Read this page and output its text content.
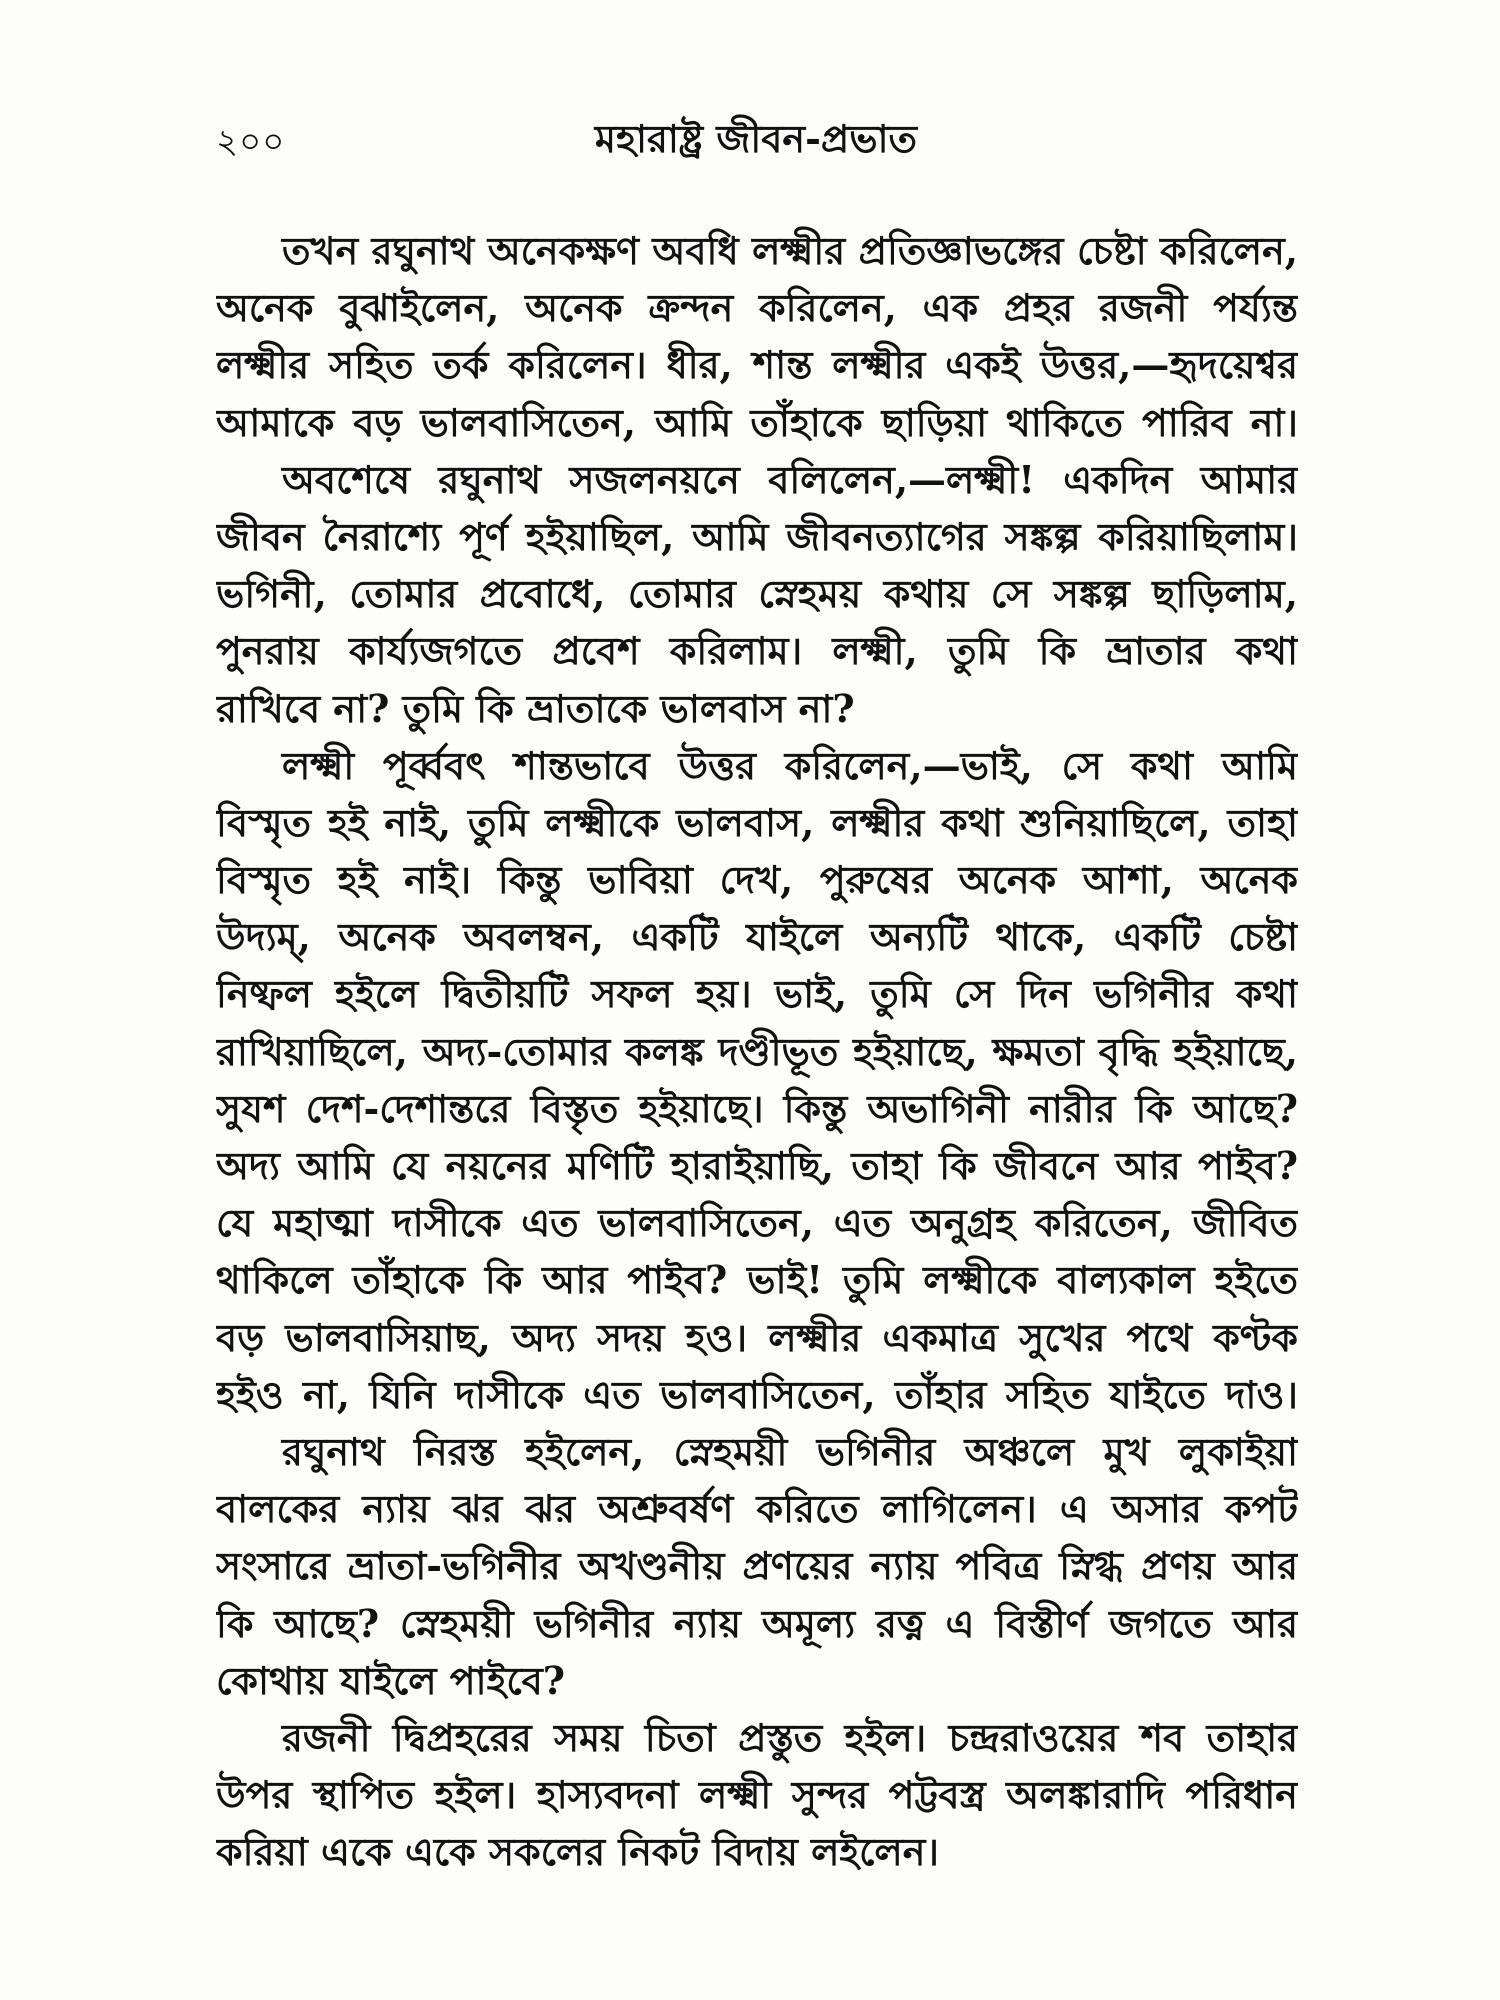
২০০	মহারাষ্ট্র জীবন-প্রভাত
তখন রঘুনাথ অনেকক্ষণ অবধি লক্ষ্মীর প্রতিজ্ঞাভঙ্গের চেষ্টা করিলেন,
অনেক বুঝাইলেন, অনেক ক্রন্দন করিলেন, এক প্রহর রজনী পর্য্যন্ত
লক্ষ্মীর সহিত তর্ক করিলেন। ধীর, শান্ত লক্ষ্মীর একই উত্তর,—হৃদয়েশ্বর
আমাকে বড় ভালবাসিতেন, আমি তাঁহাকে ছাড়িয়া থাকিতে পারিব না।
অবশেষে রঘুনাথ সজলনয়নে বলিলেন,—লক্ষ্মী! একদিন আমার
জীবন নৈরাশ্যে পূর্ণ হইয়াছিল, আমি জীবনত্যাগের সঙ্কল্প করিয়াছিলাম।
ভগিনী, তোমার প্রবোধে, তোমার স্নেহময় কথায় সে সঙ্কল্প ছাড়িলাম,
পুনরায় কার্য্যজগতে প্রবেশ করিলাম। লক্ষ্মী, তুমি কি ভ্রাতার কথা
রাখিবে না? তুমি কি ভ্রাতাকে ভালবাস না?
লক্ষ্মী পূর্ব্ববৎ শান্তভাবে উত্তর করিলেন,—ভাই, সে কথা আমি
বিস্মৃত হই নাই, তুমি লক্ষ্মীকে ভালবাস, লক্ষ্মীর কথা শুনিয়াছিলে, তাহা
বিস্মৃত হই নাই। কিন্তু ভাবিয়া দেখ, পুরুষের অনেক আশা, অনেক
উদ্যম্‌, অনেক অবলম্বন, একটি যাইলে অন্যটি থাকে, একটি চেষ্টা
নিষ্ফল হইলে দ্বিতীয়টি সফল হয়। ভাই, তুমি সে দিন ভগিনীর কথা
রাখিয়াছিলে, অদ্য-তোমার কলঙ্ক দণ্ডীভূত হইয়াছে, ক্ষমতা বৃদ্ধি হইয়াছে,
সুযশ দেশ-দেশান্তরে বিস্তৃত হইয়াছে। কিন্তু অভাগিনী নারীর কি আছে?
অদ্য আমি যে নয়নের মণিটি হারাইয়াছি, তাহা কি জীবনে আর পাইব?
যে মহাত্মা দাসীকে এত ভালবাসিতেন, এত অনুগ্রহ করিতেন, জীবিত
থাকিলে তাঁহাকে কি আর পাইব? ভাই! তুমি লক্ষ্মীকে বাল্যকাল হইতে
বড় ভালবাসিয়াছ, অদ্য সদয় হও। লক্ষ্মীর একমাত্র সুখের পথে কণ্টক
হইও না, যিনি দাসীকে এত ভালবাসিতেন, তাঁহার সহিত যাইতে দাও।
রঘুনাথ নিরস্ত হইলেন, স্নেহময়ী ভগিনীর অঞ্চলে মুখ লুকাইয়া
বালকের ন্যায় ঝর ঝর অশ্রুবর্ষণ করিতে লাগিলেন। এ অসার কপট
সংসারে ভ্রাতা-ভগিনীর অখণ্ডনীয় প্রণয়ের ন্যায় পবিত্র স্নিগ্ধ প্রণয় আর
কি আছে? স্নেহময়ী ভগিনীর ন্যায় অমূল্য রত্ন এ বিস্তীর্ণ জগতে আর
কোথায় যাইলে পাইবে?
রজনী দ্বিপ্রহরের সময় চিতা প্রস্তুত হইল। চন্দ্ররাওয়ের শব তাহার
উপর স্থাপিত হইল। হাস্যবদনা লক্ষ্মী সুন্দর পট্টবস্ত্র অলঙ্কারাদি পরিধান
করিয়া একে একে সকলের নিকট বিদায় লইলেন।
